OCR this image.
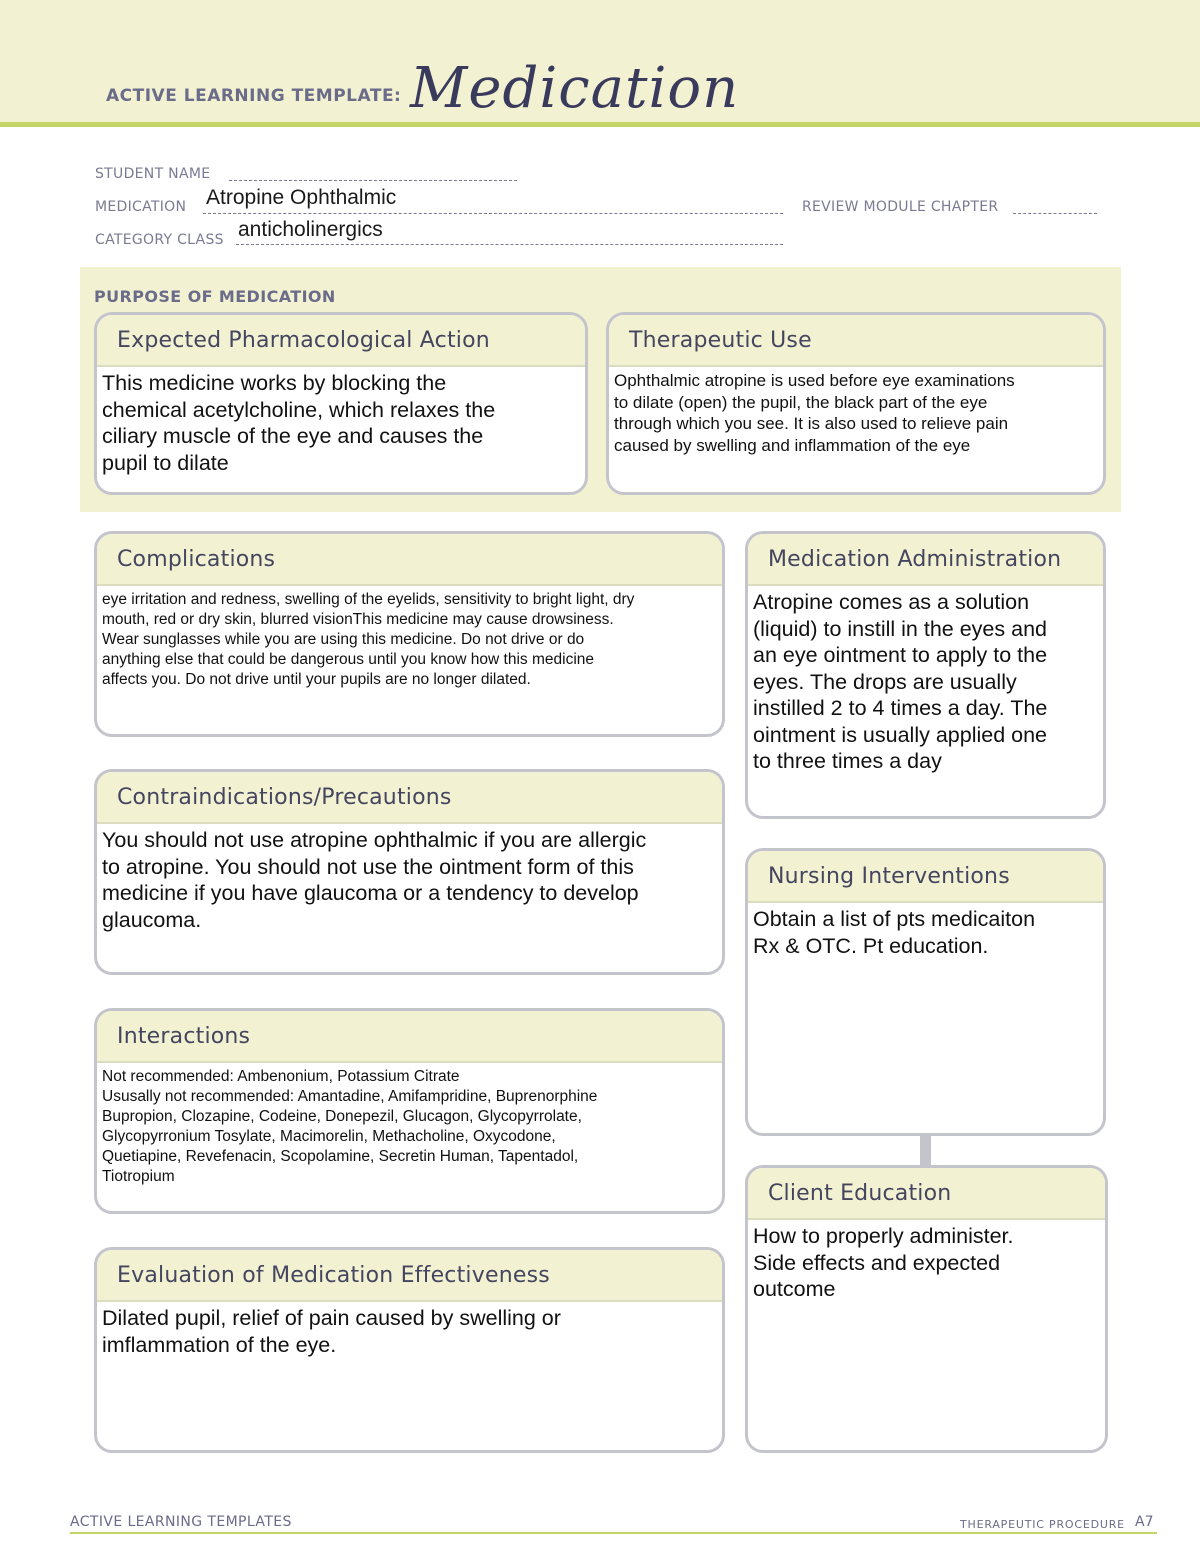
ACTIVE LEARNING TEMPLATE: Medication
STUDENT NAME
MEDICATION Atropine Ophthalmic	REVIEW MODULE CHAPTER
CATEGORY CLASS anticholinergics
PURPOSE OF MEDICATION
Expected Pharmacological Action
This medicine works by blocking the
chemical acetylcholine, which relaxes the
ciliary muscle of the eye and causes the
pupil to dilate
Therapeutic Use
Ophthalmic atropine is used before eye examinations
to dilate (open) the pupil, the black part of the eye
through which you see. It is also used to relieve pain
caused by swelling and inflammation of the eye
Complications
eye irritation and redness, swelling of the eyelids, sensitivity to bright light, dry
mouth, red or dry skin, blurred visionThis medicine may cause drowsiness.
Wear sunglasses while you are using this medicine. Do not drive or do
anything else that could be dangerous until you know how this medicine
affects you. Do not drive until your pupils are no longer dilated.
Contraindications/Precautions
You should not use atropine ophthalmic if you are allergic
to atropine. You should not use the ointment form of this
medicine if you have glaucoma or a tendency to develop
glaucoma.
Interactions
Not recommended: Ambenonium, Potassium Citrate
Ususally not recommended: Amantadine, Amifampridine, Buprenorphine
Bupropion, Clozapine, Codeine, Donepezil, Glucagon, Glycopyrrolate,
Glycopyrronium Tosylate, Macimorelin, Methacholine, Oxycodone,
Quetiapine, Revefenacin, Scopolamine, Secretin Human, Tapentadol,
Tiotropium
Evaluation of Medication Effectiveness
Dilated pupil, relief of pain caused by swelling or
imflammation of the eye.
Medication Administration
Atropine comes as a solution
(liquid) to instill in the eyes and
an eye ointment to apply to the
eyes. The drops are usually
instilled 2 to 4 times a day. The
ointment is usually applied one
to three times a day
Nursing Interventions
Obtain a list of pts medicaiton
Rx & OTC. Pt education.
Client Education
How to properly administer.
Side effects and expected
outcome
ACTIVE LEARNING TEMPLATES	THERAPEUTIC PROCEDURE A7
